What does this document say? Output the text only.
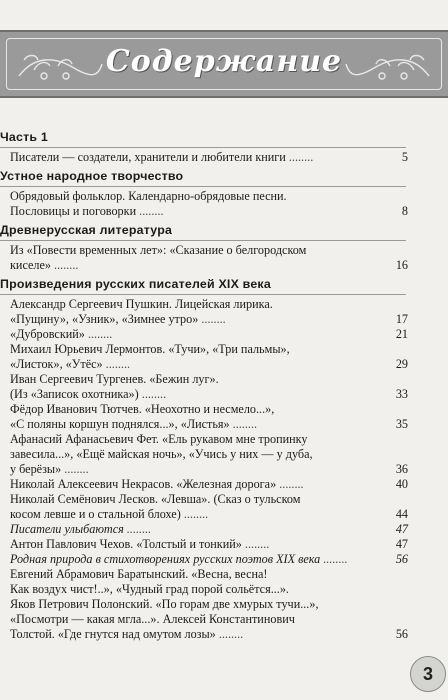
Содержание
Часть 1
Писатели — создатели, хранители и любители книги ........	5
Устное народное творчество
Обрядовый фольклор. Календарно-обрядовые песни.
Пословицы и поговорки ........	8
Древнерусская литература
Из «Повести временных лет»: «Сказание о белгородском
киселе» ........	16
Произведения русских писателей XIX века
Александр Сергеевич Пушкин. Лицейская лирика.
«Пущину», «Узник», «Зимнее утро» ........	17
«Дубровский» ........	21
Михаил Юрьевич Лермонтов. «Тучи», «Три пальмы»,
«Листок», «Утёс» ........	29
Иван Сергеевич Тургенев. «Бежин луг».
(Из «Записок охотника») ........	33
Фёдор Иванович Тютчев. «Неохотно и несмело...»,
«С поляны коршун поднялся...», «Листья» ........	35
Афанасий Афанасьевич Фет. «Ель рукавом мне тропинку
завесила...», «Ещё майская ночь», «Учись у них — у дуба,
у берёзы» ........	36
Николай Алексеевич Некрасов. «Железная дорога» ........	40
Николай Семёнович Лесков. «Левша». (Сказ о тульском
косом левше и о стальной блохе) ........	44
Писатели улыбаются ........	47
Антон Павлович Чехов. «Толстый и тонкий» ........	47
Родная природа в стихотворениях русских поэтов XIX века ........	56
Евгений Абрамович Баратынский. «Весна, весна!
Как воздух чист!..», «Чудный град порой сольётся...».
Яков Петрович Полонский. «По горам две хмурых тучи...»,
«Посмотри — какая мгла...». Алексей Константинович
Толстой. «Где гнутся над омутом лозы» ........	56
3
